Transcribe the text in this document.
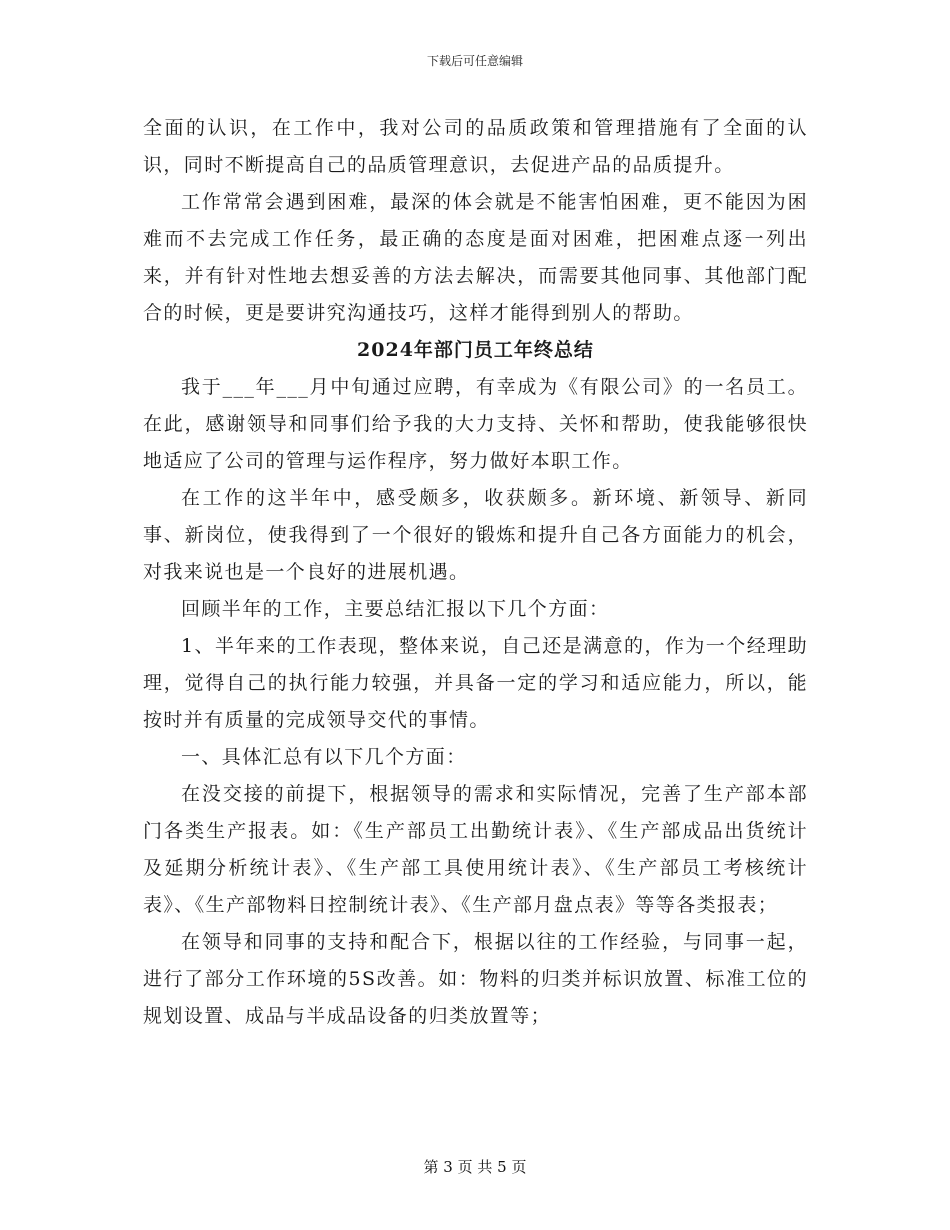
下载后可任意编辑

全面的认识，在工作中，我对公司的品质政策和管理措施有了全面的认识，同时不断提高自己的品质管理意识，去促进产品的品质提升。

工作常常会遇到困难，最深的体会就是不能害怕困难，更不能因为困难而不去完成工作任务，最正确的态度是面对困难，把困难点逐一列出来，并有针对性地去想妥善的方法去解决，而需要其他同事、其他部门配合的时候，更是要讲究沟通技巧，这样才能得到别人的帮助。

2024年部门员工年终总结

我于___年___月中旬通过应聘，有幸成为《有限公司》的一名员工。在此，感谢领导和同事们给予我的大力支持、关怀和帮助，使我能够很快地适应了公司的管理与运作程序，努力做好本职工作。

在工作的这半年中，感受颇多，收获颇多。新环境、新领导、新同事、新岗位，使我得到了一个很好的锻炼和提升自己各方面能力的机会，对我来说也是一个良好的进展机遇。

回顾半年的工作，主要总结汇报以下几个方面：

1、半年来的工作表现，整体来说，自己还是满意的，作为一个经理助理，觉得自己的执行能力较强，并具备一定的学习和适应能力，所以，能按时并有质量的完成领导交代的事情。

一、具体汇总有以下几个方面：

在没交接的前提下，根据领导的需求和实际情况，完善了生产部本部门各类生产报表。如：《生产部员工出勤统计表》、《生产部成品出货统计及延期分析统计表》、《生产部工具使用统计表》、《生产部员工考核统计表》、《生产部物料日控制统计表》、《生产部月盘点表》等等各类报表；

在领导和同事的支持和配合下，根据以往的工作经验，与同事一起，进行了部分工作环境的5S改善。如：物料的归类并标识放置、标准工位的规划设置、成品与半成品设备的归类放置等；

第 3 页 共 5 页
